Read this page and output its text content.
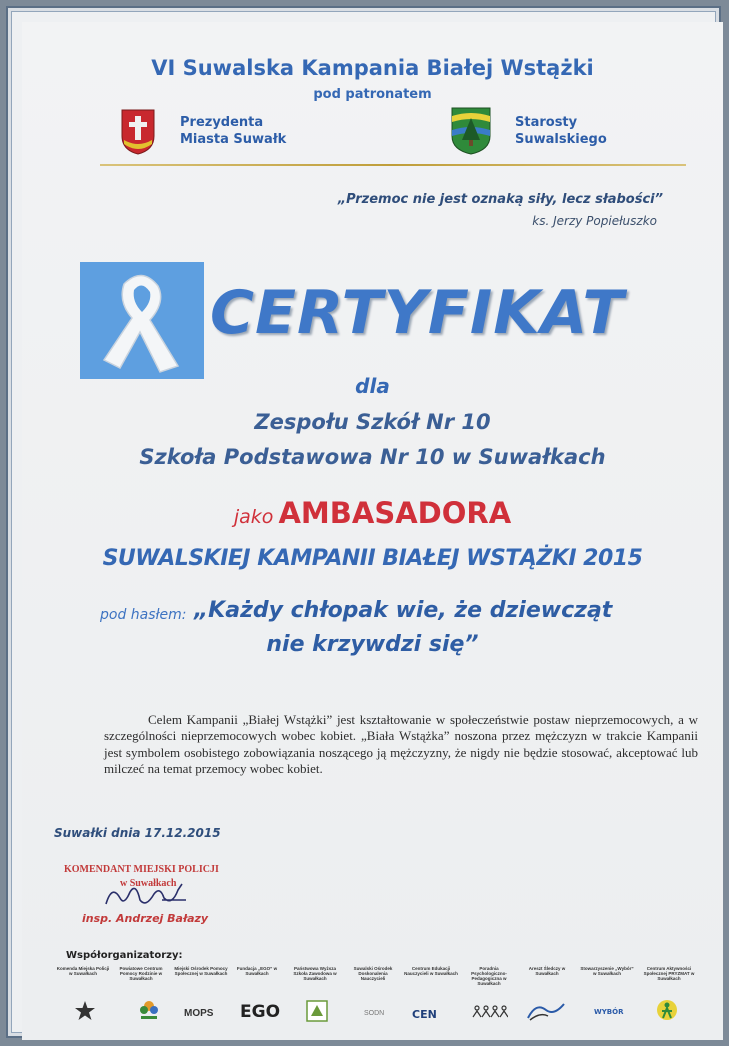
VI Suwalska Kampania Białej Wstążki
pod patronatem
Prezydenta
Miasta Suwałk
Starosty
Suwalskiego
„Przemoc nie jest oznaką siły, lecz słabości”
ks. Jerzy Popiełuszko
CERTYFIKAT
dla
Zespołu Szkół Nr 10
Szkoła Podstawowa Nr 10 w Suwałkach
jako AMBASADORA
SUWALSKIEJ KAMPANII BIAŁEJ WSTĄŻKI 2015
pod hasłem: „Każdy chłopak wie, że dziewcząt
nie krzywdzi się”
Celem Kampanii „Białej Wstążki” jest kształtowanie w społeczeństwie postaw nieprzemocowych, a w szczególności nieprzemocowych wobec kobiet. „Biała Wstążka” noszona przez mężczyzn w trakcie Kampanii jest symbolem osobistego zobowiązania noszącego ją mężczyzny, że nigdy nie będzie stosować, akceptować lub milczeć na temat przemocy wobec kobiet.
Suwałki dnia 17.12.2015
KOMENDANT MIEJSKI POLICJI
w Suwałkach
insp. Andrzej Bałazy
Współorganizatorzy:
Komenda Miejska Policji w Suwałkach
Powiatowe Centrum Pomocy Rodzinie w Suwałkach
Miejski Ośrodek Pomocy Społecznej w Suwałkach
Fundacja „EGO” w Suwałkach
Państwowa Wyższa Szkoła Zawodowa w Suwałkach
Suwalski Ośrodek Doskonalenia Nauczycieli
Centrum Edukacji Nauczycieli w Suwałkach
Poradnia Psychologiczno-Pedagogiczna w Suwałkach
Areszt Śledczy w Suwałkach
Stowarzyszenie „Wybór” w Suwałkach
Centrum Aktywności Społecznej PRYZMAT w Suwałkach
MOPS EGO	SODN	CEN	WYBÓR
